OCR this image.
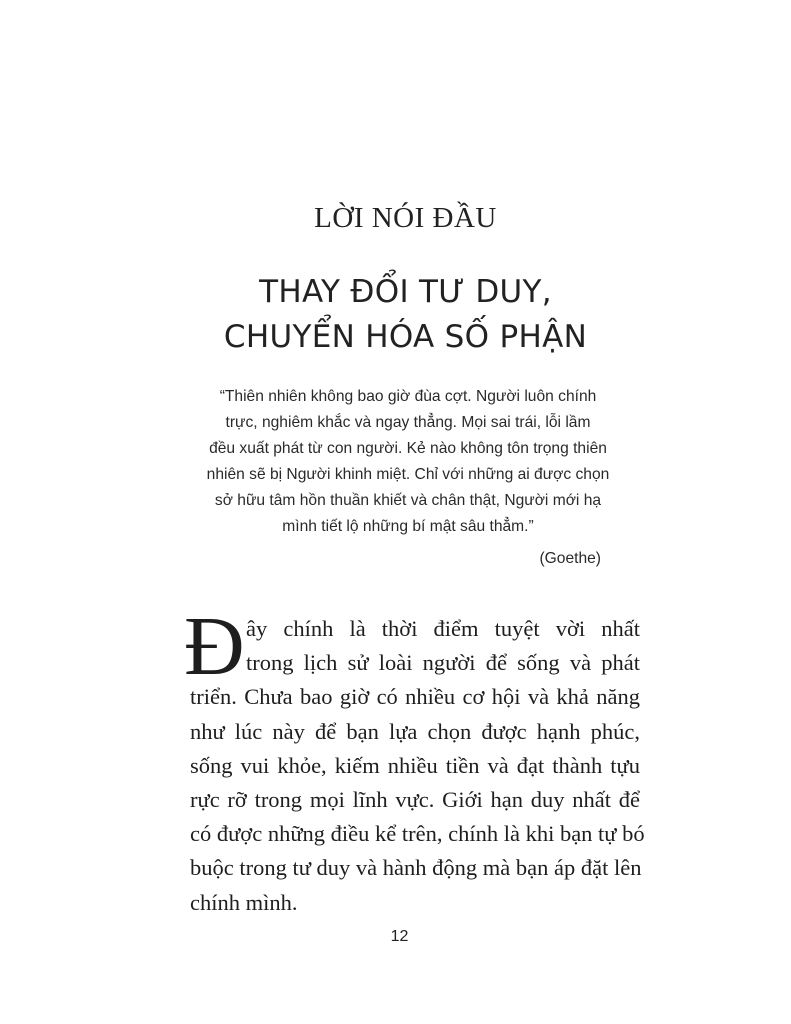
LỜI NÓI ĐẦU
THAY ĐỔI TƯ DUY,
CHUYỂN HÓA SỐ PHẬN
“Thiên nhiên không bao giờ đùa cợt. Người luôn chính
trực, nghiêm khắc và ngay thẳng. Mọi sai trái, lỗi lầm
đều xuất phát từ con người. Kẻ nào không tôn trọng thiên
nhiên sẽ bị Người khinh miệt. Chỉ với những ai được chọn
sở hữu tâm hồn thuần khiết và chân thật, Người mới hạ
mình tiết lộ những bí mật sâu thẳm.”
(Goethe)
Đ ây chính là thời điểm tuyệt vời nhất
trong lịch sử loài người để sống và phát
triển. Chưa bao giờ có nhiều cơ hội và khả năng
như lúc này để bạn lựa chọn được hạnh phúc,
sống vui khỏe, kiếm nhiều tiền và đạt thành tựu
rực rỡ trong mọi lĩnh vực. Giới hạn duy nhất để
có được những điều kể trên, chính là khi bạn tự bó
buộc trong tư duy và hành động mà bạn áp đặt lên
chính mình.
12
